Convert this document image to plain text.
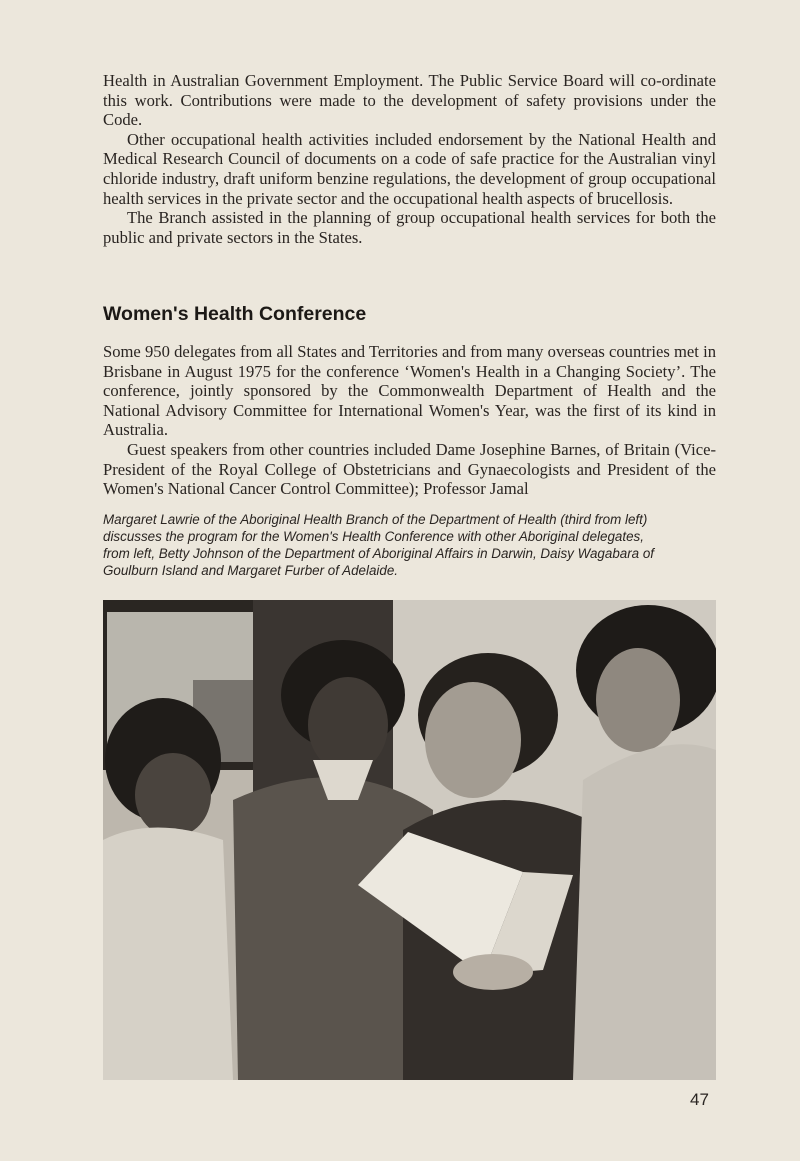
Health in Australian Government Employment. The Public Service Board will co-ordinate this work. Contributions were made to the development of safety provisions under the Code.

Other occupational health activities included endorsement by the National Health and Medical Research Council of documents on a code of safe practice for the Australian vinyl chloride industry, draft uniform benzine regulations, the development of group occupational health services in the private sector and the occupational health aspects of brucellosis.

The Branch assisted in the planning of group occupational health services for both the public and private sectors in the States.

Women's Health Conference

Some 950 delegates from all States and Territories and from many overseas countries met in Brisbane in August 1975 for the conference ‘Women's Health in a Changing Society’. The conference, jointly sponsored by the Commonwealth Department of Health and the National Advisory Committee for International Women's Year, was the first of its kind in Australia.

Guest speakers from other countries included Dame Josephine Barnes, of Britain (Vice-President of the Royal College of Obstetricians and Gynaecologists and President of the Women's National Cancer Control Committee); Professor Jamal

Margaret Lawrie of the Aboriginal Health Branch of the Department of Health (third from left) discusses the program for the Women's Health Conference with other Aboriginal delegates, from left, Betty Johnson of the Department of Aboriginal Affairs in Darwin, Daisy Wagabara of Goulburn Island and Margaret Furber of Adelaide.

47
